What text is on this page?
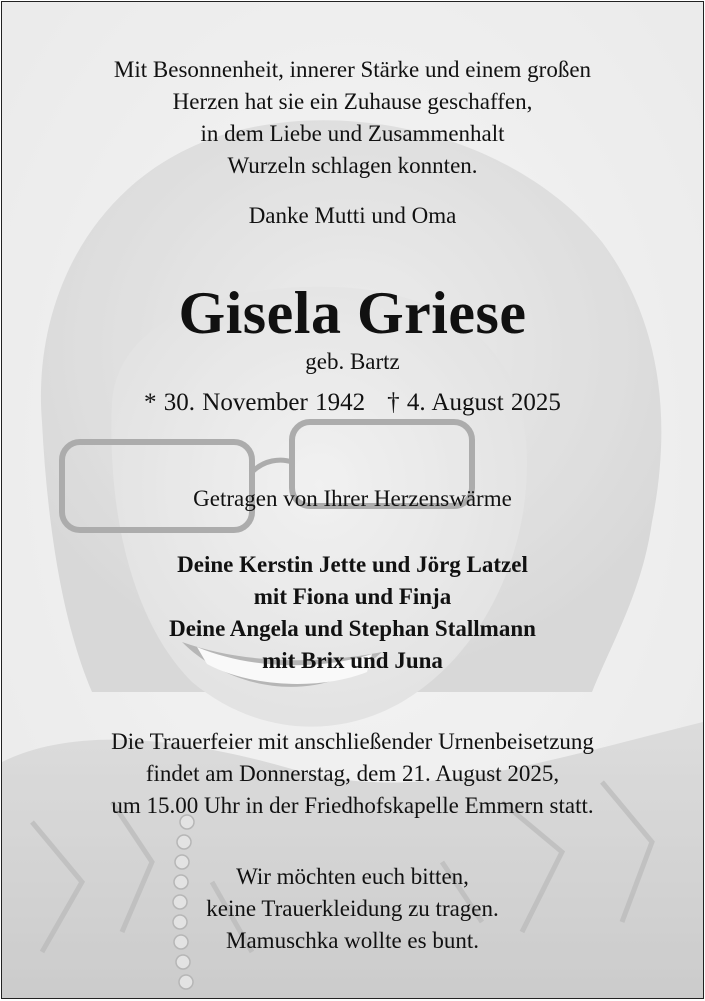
Mit Besonnenheit, innerer Stärke und einem großen
Herzen hat sie ein Zuhause geschaffen,
in dem Liebe und Zusammenhalt
Wurzeln schlagen konnten.
Danke Mutti und Oma
Gisela Griese
geb. Bartz
* 30. November 1942 † 4. August 2025
Getragen von Ihrer Herzenswärme
Deine Kerstin Jette und Jörg Latzel
mit Fiona und Finja
Deine Angela und Stephan Stallmann
mit Brix und Juna
Die Trauerfeier mit anschließender Urnenbeisetzung
findet am Donnerstag, dem 21. August 2025,
um 15.00 Uhr in der Friedhofskapelle Emmern statt.
Wir möchten euch bitten,
keine Trauerkleidung zu tragen.
Mamuschka wollte es bunt.
